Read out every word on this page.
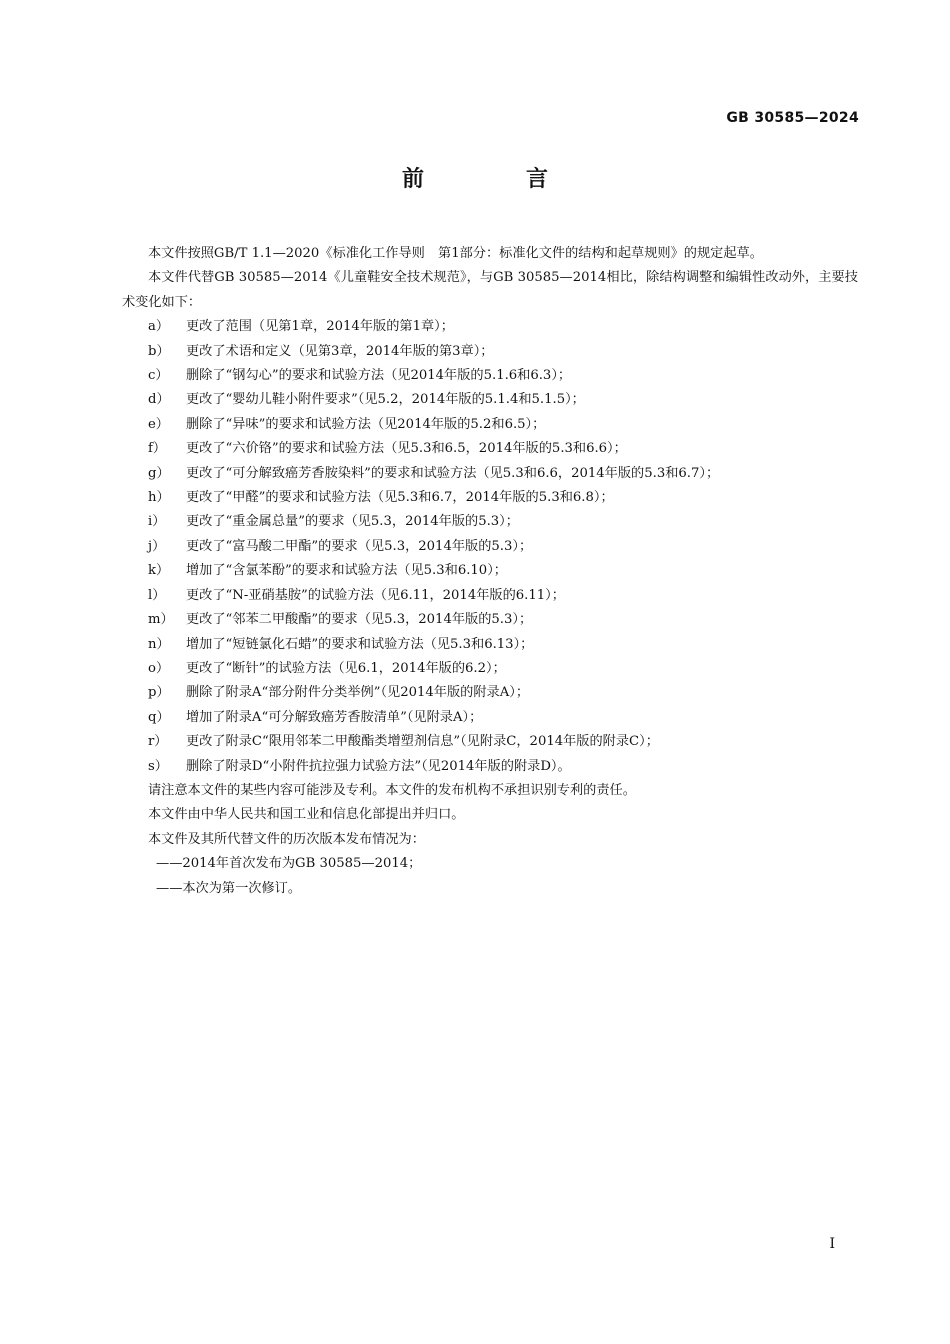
GB 30585—2024
前　言
本文件按照GB/T 1.1—2020《标准化工作导则　第1部分：标准化文件的结构和起草规则》的规定起草。
本文件代替GB 30585—2014《儿童鞋安全技术规范》，与GB 30585—2014相比，除结构调整和编辑性改动外，主要技术变化如下：
a）	更改了范围（见第1章，2014年版的第1章）；
b）	更改了术语和定义（见第3章，2014年版的第3章）；
c）	删除了“钢勾心”的要求和试验方法（见2014年版的5.1.6和6.3）；
d）	更改了“婴幼儿鞋小附件要求”（见5.2，2014年版的5.1.4和5.1.5）；
e）	删除了“异味”的要求和试验方法（见2014年版的5.2和6.5）；
f）	更改了“六价铬”的要求和试验方法（见5.3和6.5，2014年版的5.3和6.6）；
g）	更改了“可分解致癌芳香胺染料”的要求和试验方法（见5.3和6.6，2014年版的5.3和6.7）；
h）	更改了“甲醛”的要求和试验方法（见5.3和6.7，2014年版的5.3和6.8）；
i）	更改了“重金属总量”的要求（见5.3，2014年版的5.3）；
j）	更改了“富马酸二甲酯”的要求（见5.3，2014年版的5.3）；
k）	增加了“含氯苯酚”的要求和试验方法（见5.3和6.10）；
l）	更改了“N-亚硝基胺”的试验方法（见6.11，2014年版的6.11）；
m） 更改了“邻苯二甲酸酯”的要求（见5.3，2014年版的5.3）；
n）	增加了“短链氯化石蜡”的要求和试验方法（见5.3和6.13）；
o）	更改了“断针”的试验方法（见6.1，2014年版的6.2）；
p）	删除了附录A“部分附件分类举例”（见2014年版的附录A）；
q）	增加了附录A“可分解致癌芳香胺清单”（见附录A）；
r）	更改了附录C“限用邻苯二甲酸酯类增塑剂信息”（见附录C，2014年版的附录C）；
s）	删除了附录D“小附件抗拉强力试验方法”（见2014年版的附录D）。
请注意本文件的某些内容可能涉及专利。本文件的发布机构不承担识别专利的责任。
本文件由中华人民共和国工业和信息化部提出并归口。
本文件及其所代替文件的历次版本发布情况为：
——2014年首次发布为GB 30585—2014；
——本次为第一次修订。
I
